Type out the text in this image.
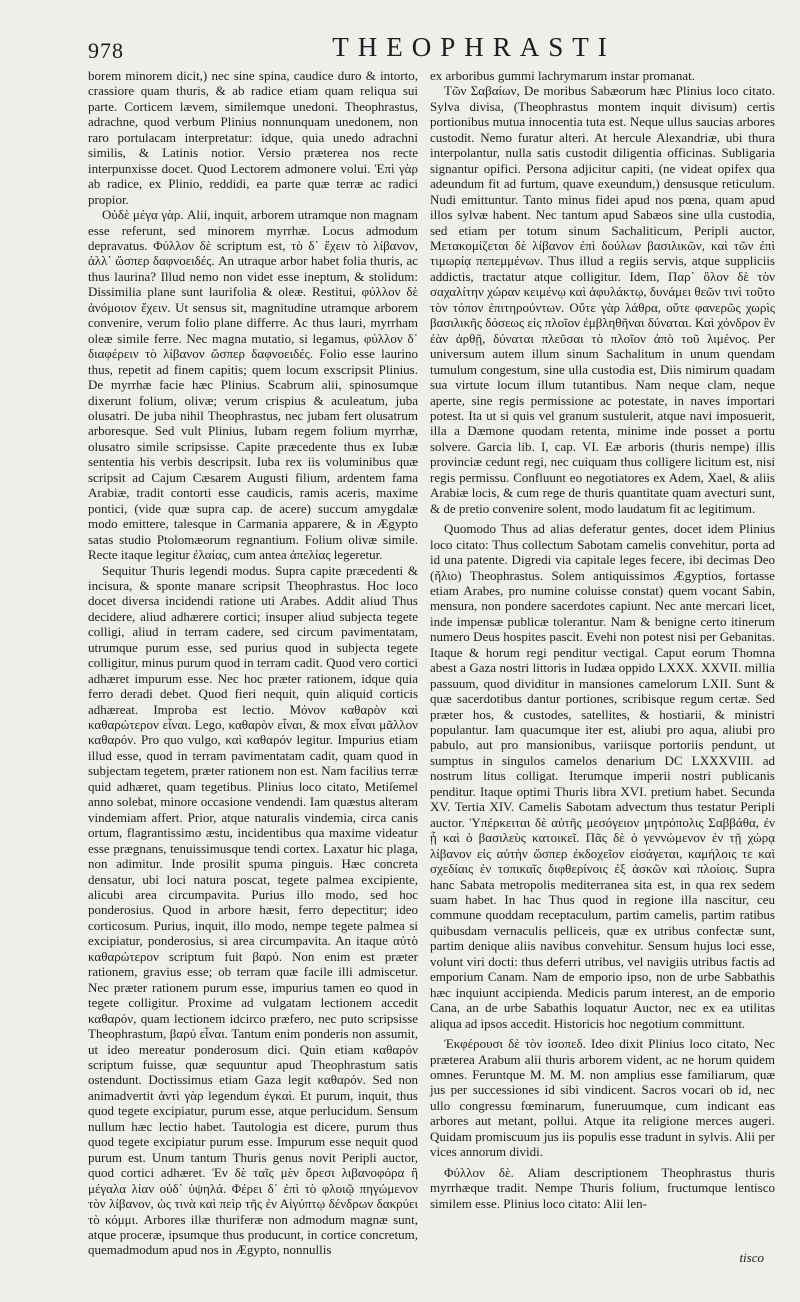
978	THEOPHRASTI

borem minorem dicit,) nec sine spina, caudice duro & intorto, crassiore quam thuris, & ab radice etiam quam reliqua sui parte. Corticem lævem, similemque unedoni. Theophrastus, adrachne, quod verbum Plinius nonnunquam unedonem, non raro portulacam interpretatur: idque, quia unedo adrachni similis, & Latinis notior. Versio præterea nos recte interpunxisse docet. Quod Lectorem admonere volui. Ἐπὶ γὰρ ab radice, ex Plinio, reddidi, ea parte quæ terræ ac radici propior.

Οὐδὲ μέγα γὰρ. Alii, inquit, arborem utramque non magnam esse referunt, sed minorem myrrhæ. Locus admodum depravatus. Φύλλον δὲ scriptum est, τὸ δ᾽ ἔχειν τὸ λίβανον, ἀλλ᾽ ὥσπερ δαφνοειδές. An utraque arbor habet folia thuris, ac thus laurina? Illud nemo non videt esse ineptum, & stolidum: Dissimilia plane sunt laurifolia & oleæ. Restitui, φύλλον δὲ ἀνόμοιον ἔχειν. Ut sensus sit, magnitudine utramque arborem convenire, verum folio plane differre. Ac thus lauri, myrrham oleæ simile ferre. Nec magna mutatio, si legamus, φύλλον δ᾽ διαφέρειν τὸ λίβανον ὥσπερ δαφνοειδές. Folio esse laurino thus, repetit ad finem capitis; quem locum exscripsit Plinius. De myrrhæ facie hæc Plinius. Scabrum alii, spinosumque dixerunt folium, olivæ; verum crispius & aculeatum, juba olusatri. De juba nihil Theophrastus, nec jubam fert olusatrum arboresque. Sed vult Plinius, Iubam regem folium myrrhæ, olusatro simile scripsisse. Capite præcedente thus ex Iubæ sententia his verbis descripsit. Iuba rex iis voluminibus quæ scripsit ad Cajum Cæsarem Augusti filium, ardentem fama Arabiæ, tradit contorti esse caudicis, ramis aceris, maxime pontici, (vide quæ supra cap. de acere) succum amygdalæ modo emittere, talesque in Carmania apparere, & in Ægypto satas studio Ptolomæorum regnantium. Folium olivæ simile. Recte itaque legitur ἐλαίας, cum antea ἀπελίας legeretur.

Sequitur Thuris legendi modus. Supra capite præcedenti & incisura, & sponte manare scripsit Theophrastus. Hoc loco docet diversa incidendi ratione uti Arabes. Addit aliud Thus decidere, aliud adhærere cortici; insuper aliud subjecta tegete colligi, aliud in terram cadere, sed circum pavimentatam, utrumque purum esse, sed purius quod in subjecta tegete colligitur, minus purum quod in terram cadit. Quod vero cortici adhæret impurum esse. Nec hoc præter rationem, idque quia ferro deradi debet. Quod fieri nequit, quin aliquid corticis adhæreat. Improba est lectio. Μόνον καθαρὸν καὶ καθαρώτερον εἶναι. Lego, καθαρὸν εἶναι, & mox εἶναι μᾶλλον καθαρόν. Pro quo vulgo, καὶ καθαρόν legitur. Impurius etiam illud esse, quod in terram pavimentatam cadit, quam quod in subjectam tegetem, præter rationem non est. Nam facilius terræ quid adhæret, quam tegetibus. Plinius loco citato, Metiſemel anno solebat, minore occasione vendendi. Iam quæstus alteram vindemiam affert. Prior, atque naturalis vindemia, circa canis ortum, flagrantissimo æstu, incidentibus qua maxime videatur esse prægnans, tenuissimusque tendi cortex. Laxatur hic plaga, non adimitur. Inde prosilit spuma pinguis. Hæc concreta densatur, ubi loci natura poscat, tegete palmea excipiente, alicubi area circumpavita. Purius illo modo, sed hoc ponderosius. Quod in arbore hæsit, ferro depectitur; ideo corticosum. Purius, inquit, illo modo, nempe tegete palmea si excipiatur, ponderosius, si area circumpavita. An itaque αὐτὸ καθαρώτερον scriptum fuit βαρύ. Non enim est præter rationem, gravius esse; ob terram quæ facile illi admiscetur. Nec præter rationem purum esse, impurius tamen eo quod in tegete colligitur. Proxime ad vulgatam lectionem accedit καθαρόν, quam lectionem idcirco præfero, nec puto scripsisse Theophrastum, βαρύ εἶναι. Tantum enim ponderis non assumit, ut ideo mereatur ponderosum dici. Quin etiam καθαρόν scriptum fuisse, quæ sequuntur apud Theophrastum satis ostendunt. Doctissimus etiam Gaza legit καθαρόν. Sed non animadvertit ἀντὶ γὰρ legendum ἐγκαὶ. Et purum, inquit, thus quod tegete excipiatur, purum esse, atque perlucidum. Sensum nullum hæc lectio habet. Tautologia est dicere, purum thus quod tegete excipiatur purum esse. Impurum esse nequit quod purum est. Unum tantum Thuris genus novit Peripli auctor, quod cortici adhæret. Ἐν δὲ ταῖς μὲν ὄρεσι λιβανοφόρα ἢ μέγαλα λίαν οὐδ᾽ ὑψηλά. Φέρει δ᾽ ἐπὶ τὸ φλοιῷ πηγώμενον τὸν λίβανον, ὡς τινὰ καὶ πεὶρ τῆς ἐν Αἰγύπτῳ δένδρων δακρύει τὸ κόμμι. Arbores illæ thuriferæ non admodum magnæ sunt, atque proceræ, ipsumque thus producunt, in cortice concretum, quemadmodum apud nos in Ægypto, nonnullis

ex arboribus gummi lachrymarum instar promanat.

Τῶν Σαβαίων, De moribus Sabæorum hæc Plinius loco citato. Sylva divisa, (Theophrastus montem inquit divisum) certis portionibus mutua innocentia tuta est. Neque ullus saucias arbores custodit. Nemo furatur alteri. At hercule Alexandriæ, ubi thura interpolantur, nulla satis custodit diligentia officinas. Subligaria signantur opifici. Persona adjicitur capiti, (ne videat opifex qua adeundum fit ad furtum, quave exeundum,) densusque reticulum. Nudi emittuntur. Tanto minus fidei apud nos pœna, quam apud illos sylvæ habent. Nec tantum apud Sabæos sine ulla custodia, sed etiam per totum sinum Sachaliticum, Peripli auctor, Μετακομίζεται δὲ λίβανον ἐπὶ δούλων βασιλικῶν, καὶ τῶν ἐπὶ τιμωρίᾳ πεπεμμένων. Thus illud a regiis servis, atque suppliciis addictis, tractatur atque colligitur. Idem, Παρ᾽ ὅλον δὲ τὸν σαχαλίτην χώραν κειμένῳ καὶ ἀφυλάκτῳ, δυνάμει θεῶν τινὶ τοῦτο τὸν τόπον ἐπιτηρούντων. Οὔτε γὰρ λάθρα, οὔτε φανερῶς χωρὶς βασιλικῆς δόσεως εἰς πλοῖον ἐμβληθῆναι δύναται. Καὶ χόνδρον ἓν ἐὰν ἀρθῇ, δύναται πλεῦσαι τὸ πλοῖον ἀπὸ τοῦ λιμένος. Per universum autem illum sinum Sachalitum in unum quendam tumulum congestum, sine ulla custodia est, Diis nimirum quadam sua virtute locum illum tutantibus. Nam neque clam, neque aperte, sine regis permissione ac potestate, in naves importari potest. Ita ut si quis vel granum sustulerit, atque navi imposuerit, illa a Dæmone quodam retenta, minime inde posset a portu solvere. Garcia lib. I, cap. VI. Eæ arboris (thuris nempe) illis provinciæ cedunt regi, nec cuiquam thus colligere licitum est, nisi regis permissu. Confluunt eo negotiatores ex Adem, Xael, & aliis Arabiæ locis, & cum rege de thuris quantitate quam avecturi sunt, & de pretio convenire solent, modo laudatum fit ac legitimum.

Quomodo Thus ad alias deferatur gentes, docet idem Plinius loco citato: Thus collectum Sabotam camelis convehitur, porta ad id una patente. Digredi via capitale leges fecere, ibi decimas Deo (ἤλιο) Theophrastus. Solem antiquissimos Ægyptios, fortasse etiam Arabes, pro numine coluisse constat) quem vocant Sabin, mensura, non pondere sacerdotes capiunt. Nec ante mercari licet, inde impensæ publicæ tolerantur. Nam & benigne certo itinerum numero Deus hospites pascit. Evehi non potest nisi per Gebanitas. Itaque & horum regi penditur vectigal. Caput eorum Thomna abest a Gaza nostri littoris in Iudæa oppido LXXX. XXVII. millia passuum, quod dividitur in mansiones camelorum LXII. Sunt & quæ sacerdotibus dantur portiones, scribisque regum certæ. Sed præter hos, & custodes, satellites, & hostiarii, & ministri populantur. Iam quacumque iter est, aliubi pro aqua, aliubi pro pabulo, aut pro mansionibus, variisque portoriis pendunt, ut sumptus in singulos camelos denarium DC LXXXVIII. ad nostrum litus colligat. Iterumque imperii nostri publicanis penditur. Itaque optimi Thuris libra XVI. pretium habet. Secunda XV. Tertia XIV. Camelis Sabotam advectum thus testatur Peripli auctor. Ὑπέρκειται δὲ αὐτῆς μεσόγειον μητρόπολις Σαββάθα, ἐν ᾗ καὶ ὁ βασιλεὺς κατοικεῖ. Πᾶς δὲ ὁ γεννώμενον ἐν τῇ χώρᾳ λίβανον εἰς αὐτὴν ὥσπερ ἐκδοχεῖον εἰσάγεται, καμήλοις τε καὶ σχεδίαις ἐν τοπικαῖς διφθερίνοις ἐξ ἀσκῶν καὶ πλοίοις. Supra hanc Sabata metropolis mediterranea sita est, in qua rex sedem suam habet. In hac Thus quod in regione illa nascitur, ceu commune quoddam receptaculum, partim camelis, partim ratibus quibusdam vernaculis pelliceis, quæ ex utribus confectæ sunt, partim denique aliis navibus convehitur. Sensum hujus loci esse, volunt viri docti: thus deferri utribus, vel navigiis utribus factis ad emporium Canam. Nam de emporio ipso, non de urbe Sabbathis hæc inquiunt accipienda. Medicis parum interest, an de emporio Cana, an de urbe Sabathis loquatur Auctor, nec ex ea utilitas aliqua ad ipsos accedit. Historicis hoc negotium committunt.

Ἐκφέρουσι δὲ τὸν ἰσοπεδ. Ideo dixit Plinius loco citato, Nec præterea Arabum alii thuris arborem vident, ac ne horum quidem omnes. Feruntque M. M. M. non amplius esse familiarum, quæ jus per successiones id sibi vindicent. Sacros vocari ob id, nec ullo congressu fœminarum, funeruumque, cum indicant eas arbores aut metant, pollui. Atque ita religione merces augeri. Quidam promiscuum jus iis populis esse tradunt in sylvis. Alii per vices annorum dividi.

Φύλλον δὲ. Aliam descriptionem Theophrastus thuris myrrhæque tradit. Nempe Thuris folium, fructumque lentisco similem esse. Plinius loco citato: Alii len-

tisco
